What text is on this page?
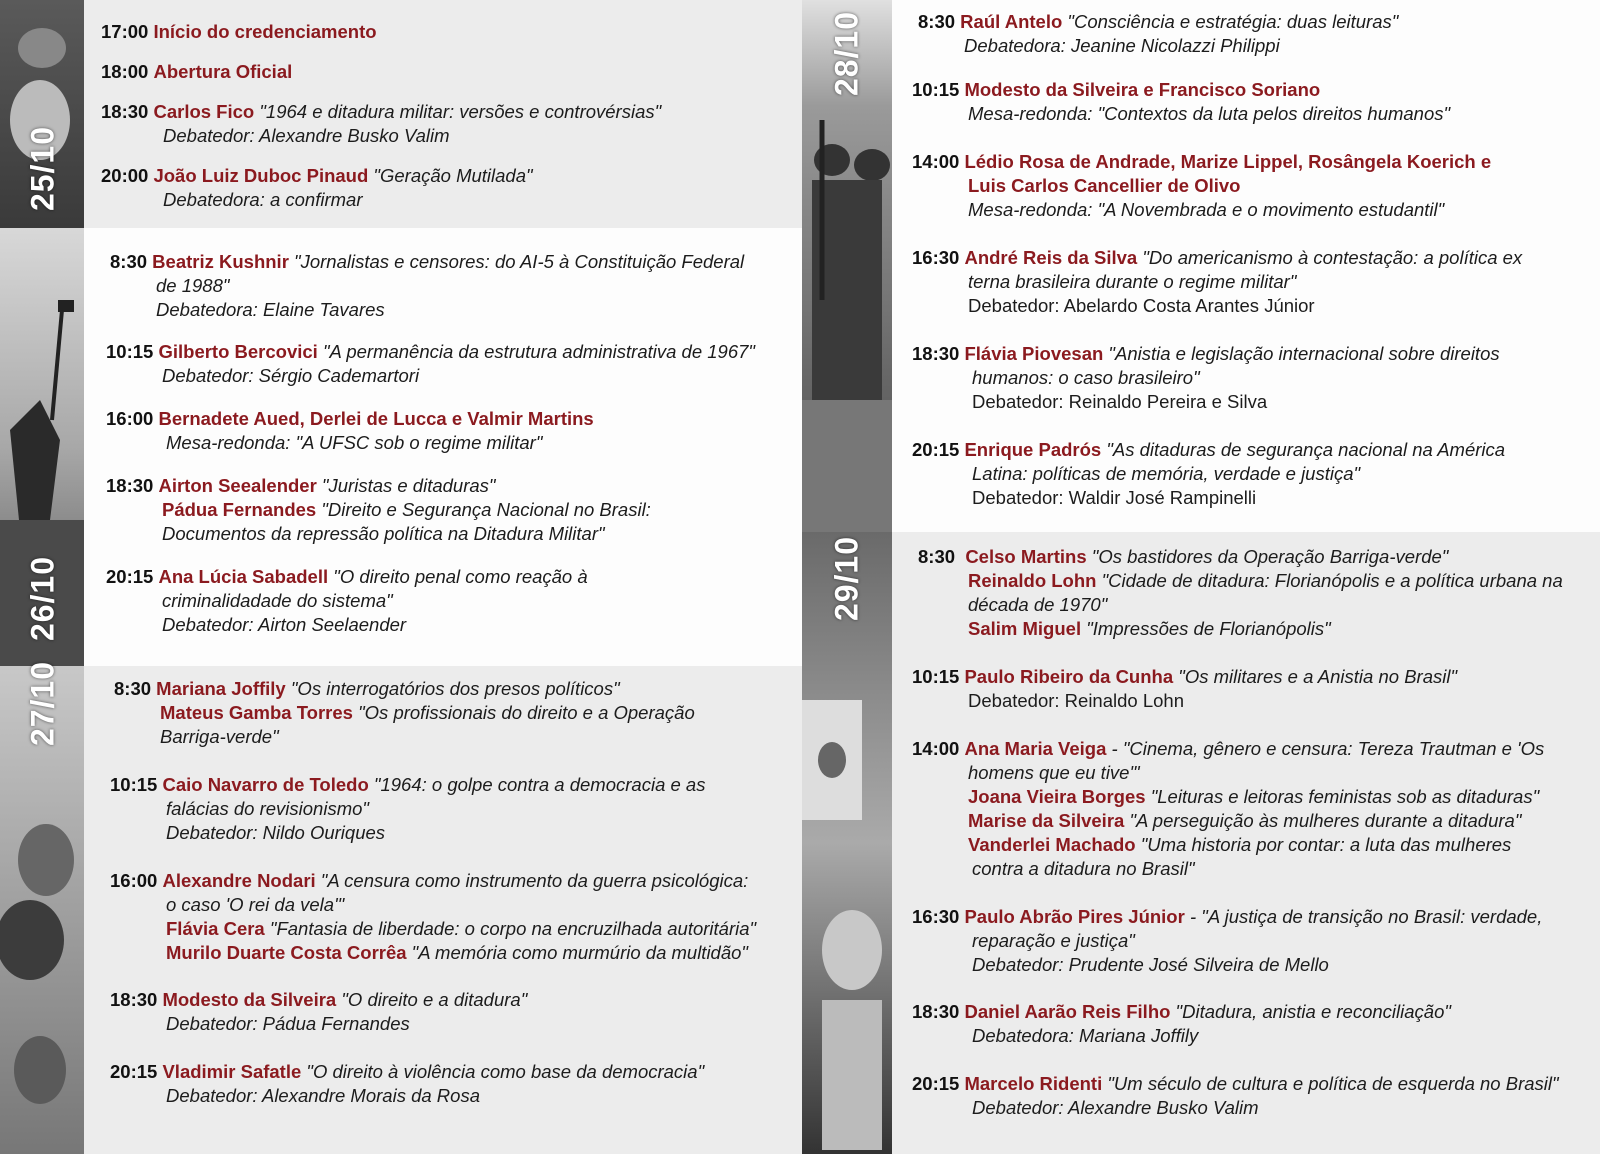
25/10
26/10
27/10
28/10
29/10
17:00 Início do credenciamento
18:00 Abertura Oficial
18:30 Carlos Fico "1964 e ditadura militar: versões e controvérsias"
Debatedor: Alexandre Busko Valim
20:00 João Luiz Duboc Pinaud "Geração Mutilada"
Debatedora: a confirmar
8:30 Beatriz Kushnir "Jornalistas e censores: do AI-5 à Constituição Federal
de 1988"
Debatedora: Elaine Tavares
10:15 Gilberto Bercovici "A permanência da estrutura administrativa de 1967"
Debatedor: Sérgio Cademartori
16:00 Bernadete Aued, Derlei de Lucca e Valmir Martins
Mesa-redonda: "A UFSC sob o regime militar"
18:30 Airton Seealender "Juristas e ditaduras"
Pádua Fernandes "Direito e Segurança Nacional no Brasil:
Documentos da repressão política na Ditadura Militar"
20:15 Ana Lúcia Sabadell "O direito penal como reação à
criminalidadade do sistema"
Debatedor: Airton Seelaender
8:30 Mariana Joffily "Os interrogatórios dos presos políticos"
Mateus Gamba Torres "Os profissionais do direito e a Operação
Barriga-verde"
10:15 Caio Navarro de Toledo "1964: o golpe contra a democracia e as
falácias do revisionismo"
Debatedor: Nildo Ouriques
16:00 Alexandre Nodari "A censura como instrumento da guerra psicológica:
o caso 'O rei da vela'"
Flávia Cera "Fantasia de liberdade: o corpo na encruzilhada autoritária"
Murilo Duarte Costa Corrêa "A memória como murmúrio da multidão"
18:30 Modesto da Silveira "O direito e a ditadura"
Debatedor: Pádua Fernandes
20:15 Vladimir Safatle "O direito à violência como base da democracia"
Debatedor: Alexandre Morais da Rosa
8:30 Raúl Antelo "Consciência e estratégia: duas leituras"
Debatedora: Jeanine Nicolazzi Philippi
10:15 Modesto da Silveira e Francisco Soriano
Mesa-redonda: "Contextos da luta pelos direitos humanos"
14:00 Lédio Rosa de Andrade, Marize Lippel, Rosângela Koerich e
Luis Carlos Cancellier de Olivo
Mesa-redonda: "A Novembrada e o movimento estudantil"
16:30 André Reis da Silva "Do americanismo à contestação: a política ex
terna brasileira durante o regime militar"
Debatedor: Abelardo Costa Arantes Júnior
18:30 Flávia Piovesan "Anistia e legislação internacional sobre direitos
humanos: o caso brasileiro"
Debatedor: Reinaldo Pereira e Silva
20:15 Enrique Padrós "As ditaduras de segurança nacional na América
Latina: políticas de memória, verdade e justiça"
Debatedor: Waldir José Rampinelli
8:30 Celso Martins "Os bastidores da Operação Barriga-verde"
Reinaldo Lohn "Cidade de ditadura: Florianópolis e a política urbana na
década de 1970"
Salim Miguel "Impressões de Florianópolis"
10:15 Paulo Ribeiro da Cunha "Os militares e a Anistia no Brasil"
Debatedor: Reinaldo Lohn
14:00 Ana Maria Veiga - "Cinema, gênero e censura: Tereza Trautman e 'Os
homens que eu tive'"
Joana Vieira Borges "Leituras e leitoras feministas sob as ditaduras"
Marise da Silveira "A perseguição às mulheres durante a ditadura"
Vanderlei Machado "Uma historia por contar: a luta das mulheres
contra a ditadura no Brasil"
16:30 Paulo Abrão Pires Júnior - "A justiça de transição no Brasil: verdade,
reparação e justiça"
Debatedor: Prudente José Silveira de Mello
18:30 Daniel Aarão Reis Filho "Ditadura, anistia e reconciliação"
Debatedora: Mariana Joffily
20:15 Marcelo Ridenti "Um século de cultura e política de esquerda no Brasil"
Debatedor: Alexandre Busko Valim
